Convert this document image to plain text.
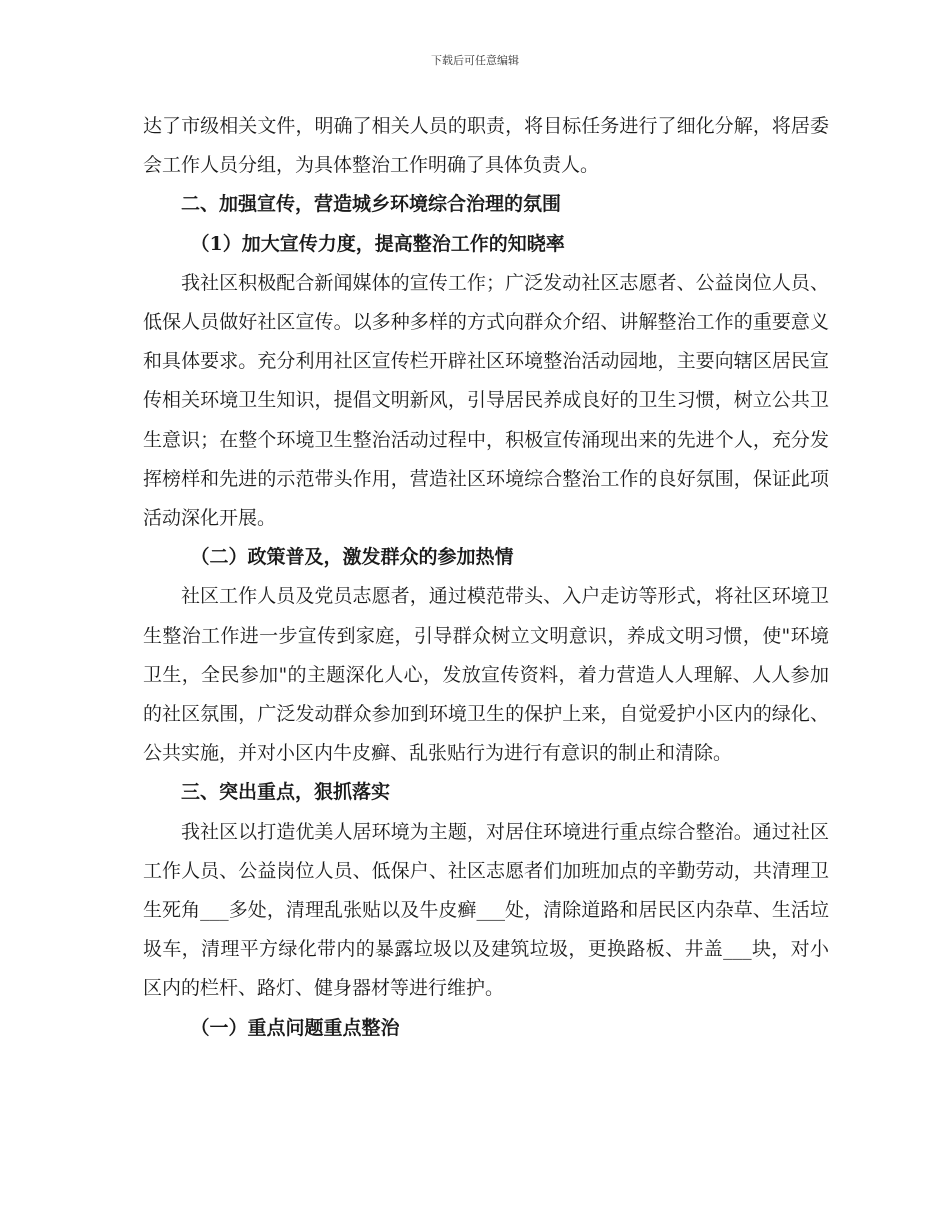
下载后可任意编辑

达了市级相关文件，明确了相关人员的职责，将目标任务进行了细化分解，将居委会工作人员分组，为具体整治工作明确了具体负责人。

二、加强宣传，营造城乡环境综合治理的氛围
（1）加大宣传力度，提高整治工作的知晓率

我社区积极配合新闻媒体的宣传工作；广泛发动社区志愿者、公益岗位人员、低保人员做好社区宣传。以多种多样的方式向群众介绍、讲解整治工作的重要意义和具体要求。充分利用社区宣传栏开辟社区环境整治活动园地，主要向辖区居民宣传相关环境卫生知识，提倡文明新风，引导居民养成良好的卫生习惯，树立公共卫生意识；在整个环境卫生整治活动过程中，积极宣传涌现出来的先进个人，充分发挥榜样和先进的示范带头作用，营造社区环境综合整治工作的良好氛围，保证此项活动深化开展。

（二）政策普及，激发群众的参加热情

社区工作人员及党员志愿者，通过模范带头、入户走访等形式，将社区环境卫生整治工作进一步宣传到家庭，引导群众树立文明意识，养成文明习惯，使"环境卫生，全民参加"的主题深化人心，发放宣传资料，着力营造人人理解、人人参加的社区氛围，广泛发动群众参加到环境卫生的保护上来，自觉爱护小区内的绿化、公共实施，并对小区内牛皮癣、乱张贴行为进行有意识的制止和清除。

三、突出重点，狠抓落实

我社区以打造优美人居环境为主题，对居住环境进行重点综合整治。通过社区工作人员、公益岗位人员、低保户、社区志愿者们加班加点的辛勤劳动，共清理卫生死角___多处，清理乱张贴以及牛皮癣___处，清除道路和居民区内杂草、生活垃圾车，清理平方绿化带内的暴露垃圾以及建筑垃圾，更换路板、井盖___块，对小区内的栏杆、路灯、健身器材等进行维护。

（一）重点问题重点整治
